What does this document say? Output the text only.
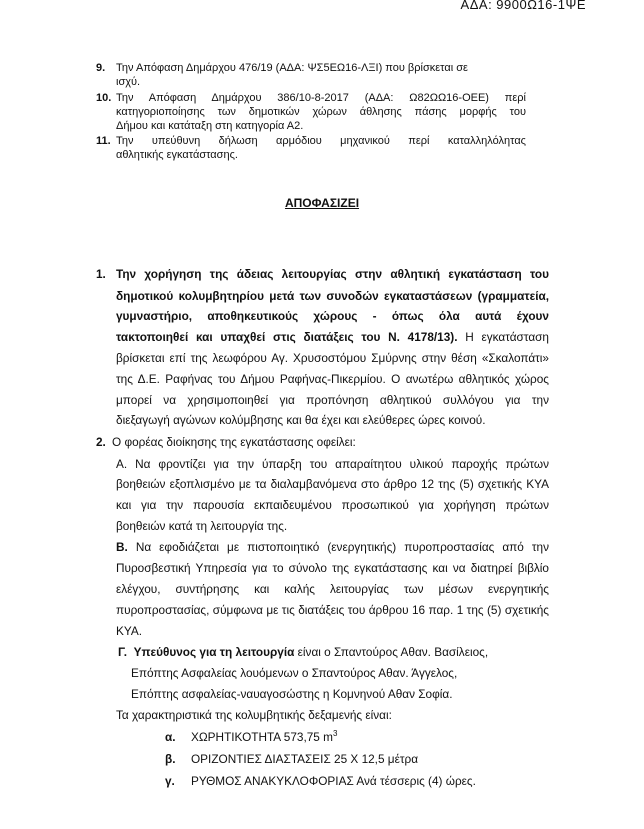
ΑΔΑ: 9900Ω16-1ΨΕ
9. Την Απόφαση Δημάρχου 476/19 (ΑΔΑ: ΨΣ5ΕΩ16-ΛΞΙ) που βρίσκεται σε
ισχύ.
10. Την Απόφαση Δημάρχου 386/10-8-2017 (ΑΔΑ: Ω82ΩΩ16-ΟΕΕ) περί
κατηγοριοποίησης των δημοτικών χώρων άθλησης πάσης μορφής του
Δήμου και κατάταξη στη κατηγορία Α2.
11. Την υπεύθυνη δήλωση αρμόδιου μηχανικού περί καταλληλόλητας
αθλητικής εγκατάστασης.
ΑΠΟΦΑΣΙΖΕΙ
1. Την χορήγηση της άδειας λειτουργίας στην αθλητική εγκατάσταση του
δημοτικού κολυμβητηρίου μετά των συνοδών εγκαταστάσεων (γραμματεία,
γυμναστήριο, αποθηκευτικούς χώρους - όπως όλα αυτά έχουν
τακτοποιηθεί και υπαχθεί στις διατάξεις του Ν. 4178/13). Η εγκατάσταση
βρίσκεται επί της λεωφόρου Αγ. Χρυσοστόμου Σμύρνης στην θέση «Σκαλοπάτι»
της Δ.Ε. Ραφήνας του Δήμου Ραφήνας-Πικερμίου. Ο ανωτέρω αθλητικός χώρος
μπορεί να χρησιμοποιηθεί για προπόνηση αθλητικού συλλόγου για την
διεξαγωγή αγώνων κολύμβησης και θα έχει και ελεύθερες ώρες κοινού.
2. Ο φορέας διοίκησης της εγκατάστασης οφείλει:
Α. Να φροντίζει για την ύπαρξη του απαραίτητου υλικού παροχής πρώτων
βοηθειών εξοπλισμένο με τα διαλαμβανόμενα στο άρθρο 12 της (5) σχετικής ΚΥΑ
και για την παρουσία εκπαιδευμένου προσωπικού για χορήγηση πρώτων
βοηθειών κατά τη λειτουργία της.
Β. Να εφοδιάζεται με πιστοποιητικό (ενεργητικής) πυροπροστασίας από την
Πυροσβεστική Υπηρεσία για το σύνολο της εγκατάστασης και να διατηρεί βιβλίο
ελέγχου, συντήρησης και καλής λειτουργίας των μέσων ενεργητικής
πυροπροστασίας, σύμφωνα με τις διατάξεις του άρθρου 16 παρ. 1 της (5) σχετικής
ΚΥΑ.
Γ. Υπεύθυνος για τη λειτουργία είναι ο Σπαντούρος Αθαν. Βασίλειος,
Επόπτης Ασφαλείας λουόμενων ο Σπαντούρος Αθαν. Άγγελος,
Επόπτης ασφαλείας-ναυαγοσώστης η Κομνηνού Αθαν Σοφία.
Τα χαρακτηριστικά της κολυμβητικής δεξαμενής είναι:
α. ΧΩΡΗΤΙΚΟΤΗΤΑ 573,75 $m^3$
β. ΟΡΙΖΟΝΤΙΕΣ ΔΙΑΣΤΑΣΕΙΣ 25 Χ 12,5 μέτρα
γ. ΡΥΘΜΟΣ ΑΝΑΚΥΚΛΟΦΟΡΙΑΣ Ανά τέσσερις (4) ώρες.
